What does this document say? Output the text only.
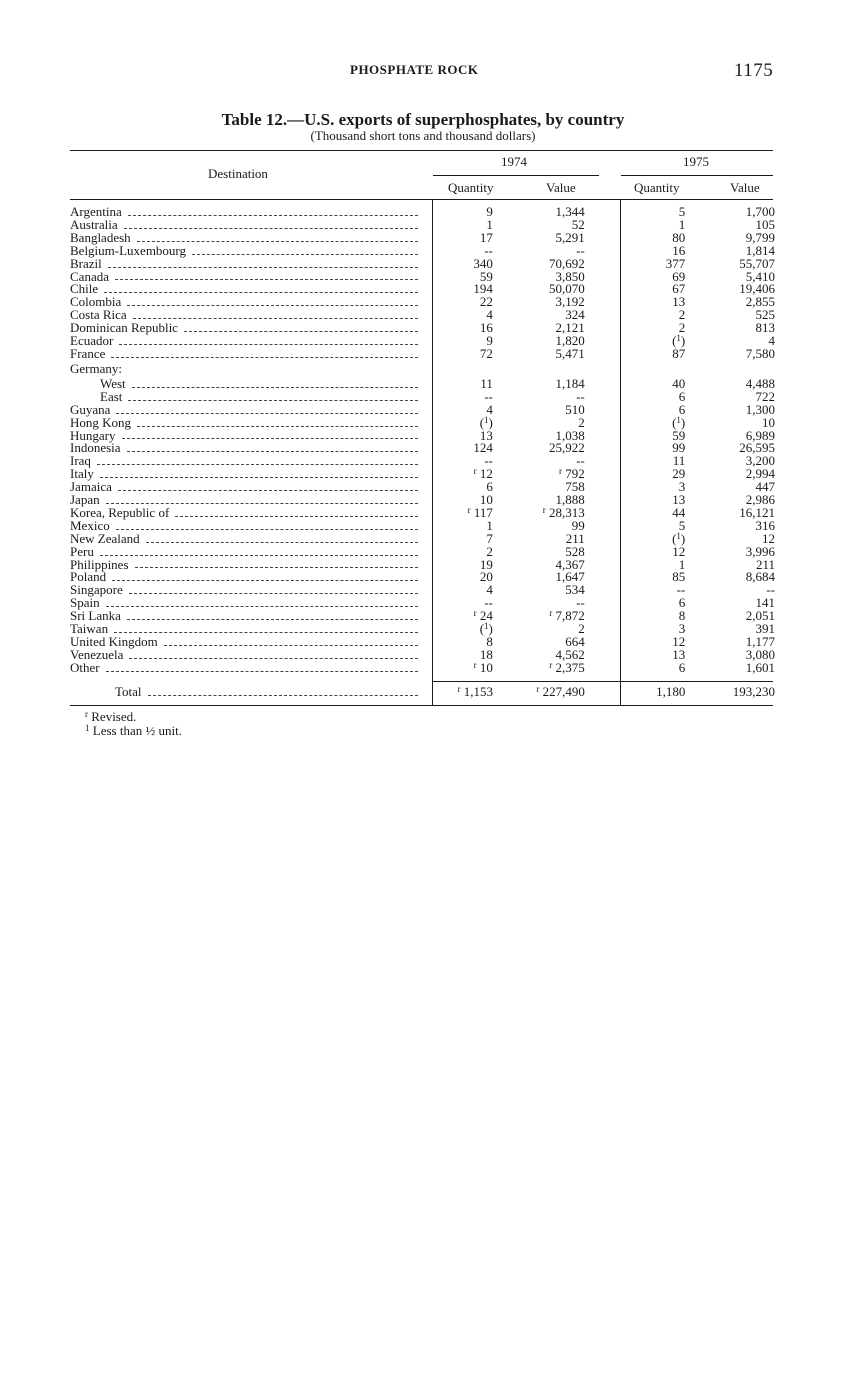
PHOSPHATE ROCK	1175
Table 12.—U.S. exports of superphosphates, by country
(Thousand short tons and thousand dollars)
Destination
1974	1975
Quantity	Value	Quantity	Value
Argentina	9	1,344	5	1,700

Australia	1	52	1	105

Bangladesh	17	5,291	80	9,799

Belgium-Luxembourg	--	--	16	1,814

Brazil	340	70,692	377	55,707

Canada	59	3,850	69	5,410

Chile	194	50,070	67	19,406

Colombia	22	3,192	13	2,855

Costa Rica	4	324	2	525

Dominican Republic	16	2,121	2	813

Ecuador	9	1,820	($^1$)	4

France	72	5,471	87	7,580

Germany:				

West	11	1,184	40	4,488

East	--	--	6	722

Guyana	4	510	6	1,300

Hong Kong	($^1$)	2	($^1$)	10

Hungary	13	1,038	59	6,989

Indonesia	124	25,922	99	26,595

Iraq	--	--	11	3,200

Italy	$^r$ 12	$^r$ 792	29	2,994

Jamaica	6	758	3	447

Japan	10	1,888	13	2,986

Korea, Republic of	$^r$ 117	$^r$ 28,313	44	16,121

Mexico	1	99	5	316

New Zealand	7	211	($^1$)	12

Peru	2	528	12	3,996

Philippines	19	4,367	1	211

Poland	20	1,647	85	8,684

Singapore	4	534	--	--

Spain	--	--	6	141

Sri Lanka	$^r$ 24	$^r$ 7,872	8	2,051

Taiwan	($^1$)	2	3	391

United Kingdom	8	664	12	1,177

Venezuela	18	4,562	13	3,080

Other	$^r$ 10	$^r$ 2,375	6	1,601
Total	$^r$ 1,153	$^r$ 227,490	1,180	193,230
$^r$ Revised.
$^1$ Less than ½ unit.
